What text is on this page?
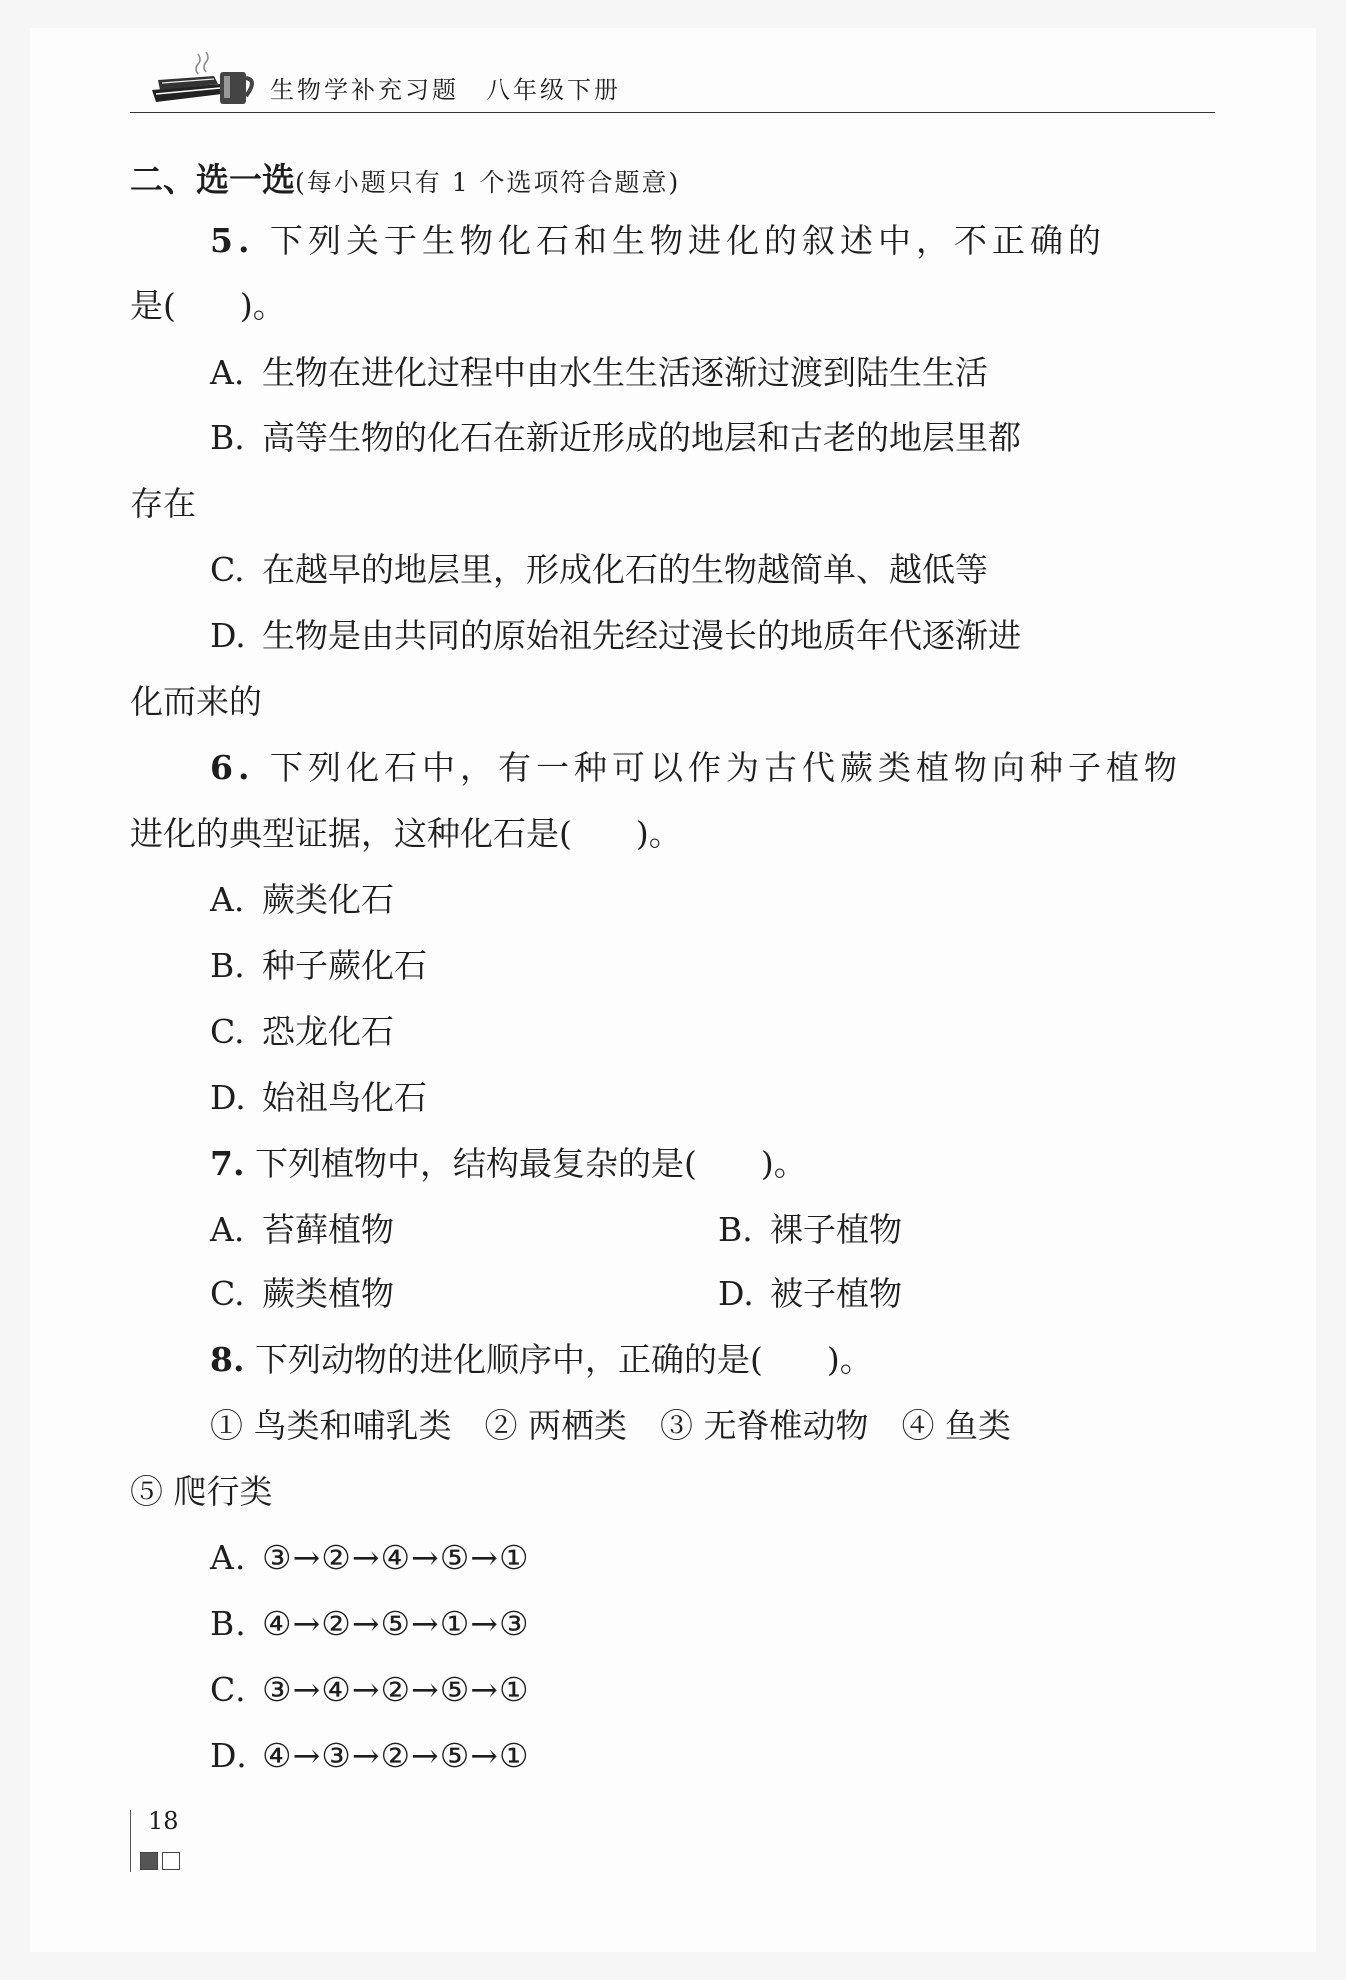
生物学补充习题　八年级下册
二、选一选(每小题只有 1 个选项符合题意)
5. 下列关于生物化石和生物进化的叙述中，不正确的
是( )。
A. 生物在进化过程中由水生生活逐渐过渡到陆生生活
B. 高等生物的化石在新近形成的地层和古老的地层里都
存在
C. 在越早的地层里，形成化石的生物越简单、越低等
D. 生物是由共同的原始祖先经过漫长的地质年代逐渐进
化而来的
6. 下列化石中，有一种可以作为古代蕨类植物向种子植物
进化的典型证据，这种化石是( )。
A. 蕨类化石
B. 种子蕨化石
C. 恐龙化石
D. 始祖鸟化石
7. 下列植物中，结构最复杂的是( )。
A. 苔藓植物	B. 裸子植物
C. 蕨类植物	D. 被子植物
8. 下列动物的进化顺序中，正确的是( )。
① 鸟类和哺乳类　② 两栖类　③ 无脊椎动物　④ 鱼类
⑤ 爬行类
A. ③→②→④→⑤→①
B. ④→②→⑤→①→③
C. ③→④→②→⑤→①
D. ④→③→②→⑤→①
18
